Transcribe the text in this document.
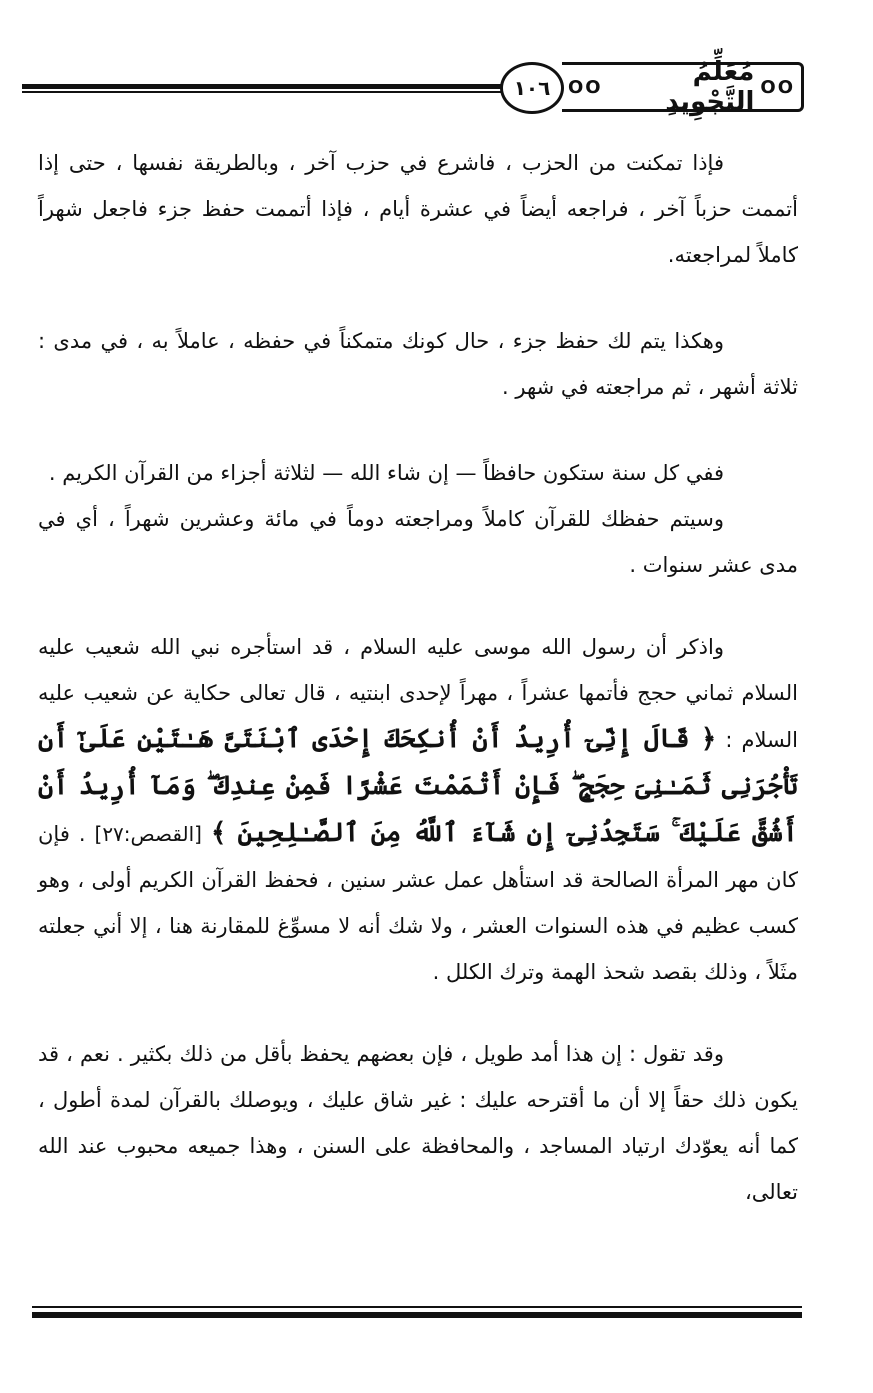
١٠٦	OO
مُعَلِّمُ التَّجْوِيدِ
OO

فإذا تمكنت من الحزب ، فاشرع في حزب آخر ، وبالطريقة نفسها ، حتى إذا أتممت حزباً آخر ، فراجعه أيضاً في عشرة أيام ، فإذا أتممت حفظ جزء فاجعل شهراً كاملاً لمراجعته.

وهكذا يتم لك حفظ جزء ، حال كونك متمكناً في حفظه ، عاملاً به ، في مدى : ثلاثة أشهر ، ثم مراجعته في شهر .

ففي كل سنة ستكون حافظاً — إن شاء الله — لثلاثة أجزاء من القرآن الكريم .

وسيتم حفظك للقرآن كاملاً ومراجعته دوماً في مائة وعشرين شهراً ، أي في مدى عشر سنوات .

واذكر أن رسول الله موسى عليه السلام ، قد استأجره نبي الله شعيب عليه السلام ثماني حجج فأتمها عشراً ، مهراً لإحدى ابنتيه ، قال تعالى حكاية عن شعيب عليه السلام : ﴿ قَالَ إِنِّىٓ أُرِيدُ أَنْ أُنكِحَكَ إِحْدَى ٱبْنَتَىَّ هَـٰتَيْنِ عَلَىٰٓ أَن تَأْجُرَنِى ثَمَـٰنِىَ حِجَجٍ ۖ فَإِنْ أَتْمَمْتَ عَشْرًا فَمِنْ عِندِكَ ۖ وَمَآ أُرِيدُ أَنْ أَشُقَّ عَلَيْكَ ۚ سَتَجِدُنِىٓ إِن شَآءَ ٱللَّهُ مِنَ ٱلصَّـٰلِحِينَ ﴾ [القصص:٢٧] . فإن كان مهر المرأة الصالحة قد استأهل عمل عشر سنين ، فحفظ القرآن الكريم أولى ، وهو كسب عظيم في هذه السنوات العشر ، ولا شك أنه لا مسوِّغ للمقارنة هنا ، إلا أني جعلته مثَلاً ، وذلك بقصد شحذ الهمة وترك الكلل .

وقد تقول : إن هذا أمد طويل ، فإن بعضهم يحفظ بأقل من ذلك بكثير . نعم ، قد يكون ذلك حقاً إلا أن ما أقترحه عليك : غير شاق عليك ، ويوصلك بالقرآن لمدة أطول ، كما أنه يعوّدك ارتياد المساجد ، والمحافظة على السنن ، وهذا جميعه محبوب عند الله تعالى،
